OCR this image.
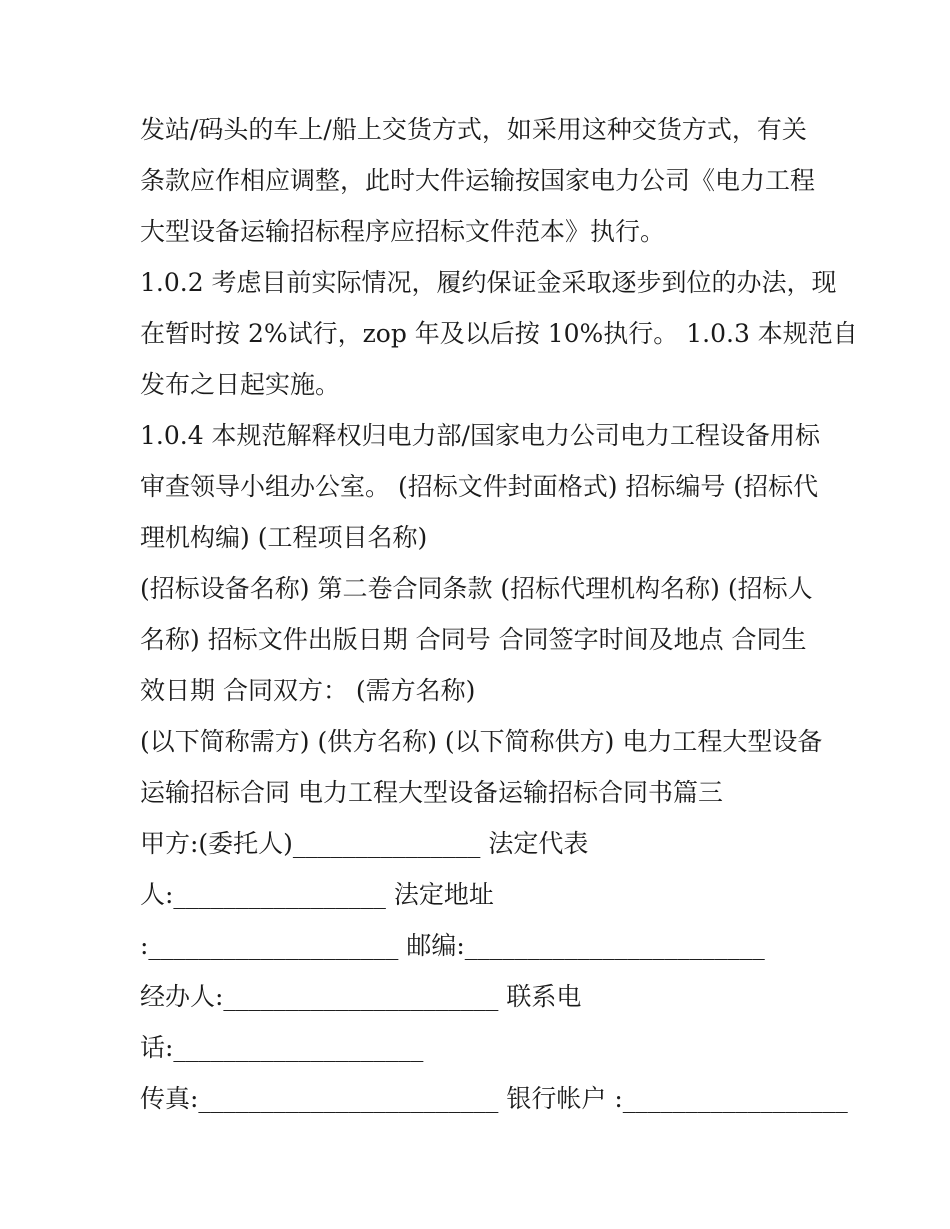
发站/码头的车上/船上交货方式，如采用这种交货方式，有关
条款应作相应调整，此时大件运输按国家电力公司《电力工程
大型设备运输招标程序应招标文件范本》执行。
1.0.2 考虑目前实际情况，履约保证金采取逐步到位的办法，现
在暂时按 2%试行，zop 年及以后按 10%执行。 1.0.3 本规范自
发布之日起实施。
1.0.4 本规范解释权归电力部/国家电力公司电力工程设备用标
审查领导小组办公室。 (招标文件封面格式) 招标编号 (招标代
理机构编) (工程项目名称)
(招标设备名称) 第二卷合同条款 (招标代理机构名称) (招标人
名称) 招标文件出版日期 合同号 合同签字时间及地点 合同生
效日期 合同双方： (需方名称)
(以下简称需方) (供方名称) (以下简称供方) 电力工程大型设备
运输招标合同 电力工程大型设备运输招标合同书篇三
甲方:(委托人)_______________ 法定代表
人:_________________ 法定地址
:____________________ 邮编:________________________
经办人:______________________ 联系电
话:____________________
传真:________________________ 银行帐户 :__________________
